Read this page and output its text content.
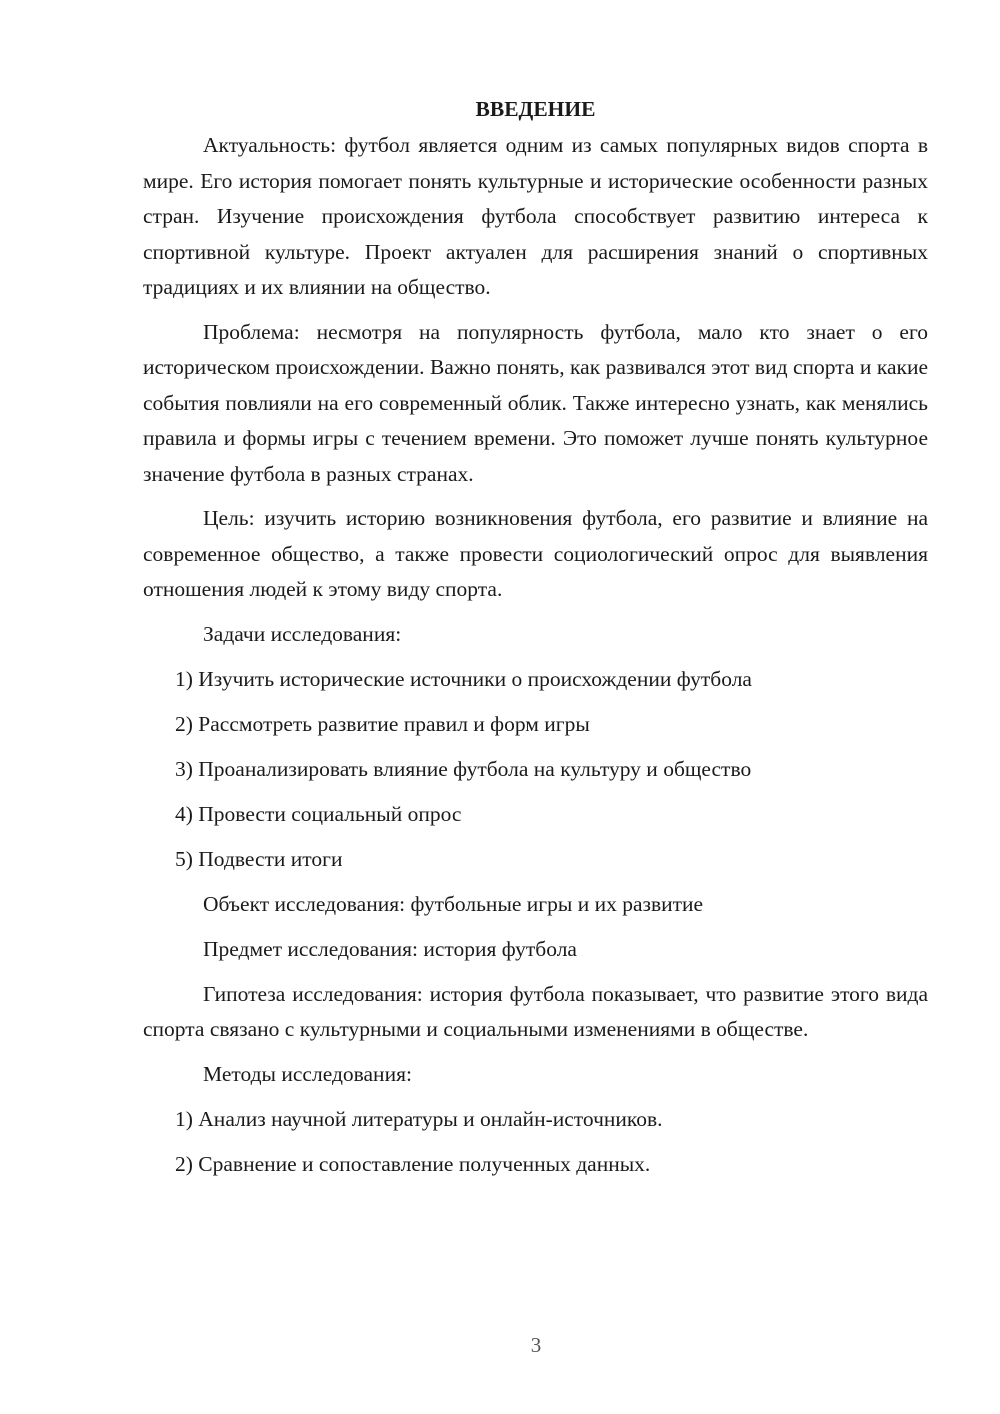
ВВЕДЕНИЕ

Актуальность: футбол является одним из самых популярных видов спорта в мире. Его история помогает понять культурные и исторические особенности разных стран. Изучение происхождения футбола способствует развитию интереса к спортивной культуре. Проект актуален для расширения знаний о спортивных традициях и их влиянии на общество.

Проблема: несмотря на популярность футбола, мало кто знает о его историческом происхождении. Важно понять, как развивался этот вид спорта и какие события повлияли на его современный облик. Также интересно узнать, как менялись правила и формы игры с течением времени. Это поможет лучше понять культурное значение футбола в разных странах.

Цель: изучить историю возникновения футбола, его развитие и влияние на современное общество, а также провести социологический опрос для выявления отношения людей к этому виду спорта.

Задачи исследования:
1) Изучить исторические источники о происхождении футбола
2) Рассмотреть развитие правил и форм игры
3) Проанализировать влияние футбола на культуру и общество
4) Провести социальный опрос
5) Подвести итоги
Объект исследования: футбольные игры и их развитие
Предмет исследования: история футбола

Гипотеза исследования: история футбола показывает, что развитие этого вида спорта связано с культурными и социальными изменениями в обществе.

Методы исследования:
1) Анализ научной литературы и онлайн-источников.
2) Сравнение и сопоставление полученных данных.
3
